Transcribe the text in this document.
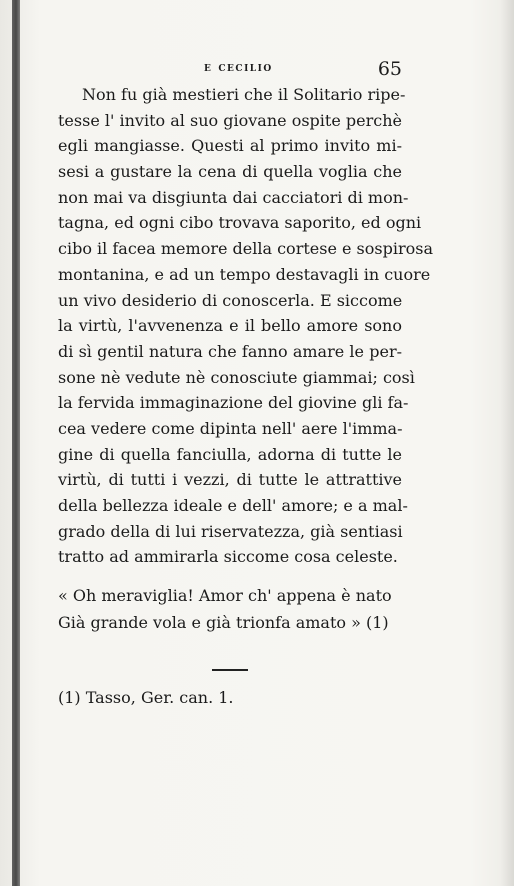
e cecilio	65
Non fu già mestieri che il Solitario ripe-
tesse l' invito al suo giovane ospite perchè
egli mangiasse. Questi al primo invito mi-
sesi a gustare la cena di quella voglia che
non mai va disgiunta dai cacciatori di mon-
tagna, ed ogni cibo trovava saporito, ed ogni
cibo il facea memore della cortese e sospirosa
montanina, e ad un tempo destavagli in cuore
un vivo desiderio di conoscerla. E siccome
la virtù, l'avvenenza e il bello amore sono
di sì gentil natura che fanno amare le per-
sone nè vedute nè conosciute giammai; così
la fervida immaginazione del giovine gli fa-
cea vedere come dipinta nell' aere l'imma-
gine di quella fanciulla, adorna di tutte le
virtù, di tutti i vezzi, di tutte le attrattive
della bellezza ideale e dell' amore; e a mal-
grado della di lui riservatezza, già sentiasi
tratto ad ammirarla siccome cosa celeste.
« Oh meraviglia! Amor ch' appena è nato
Già grande vola e già trionfa amato » (1)
(1) Tasso, Ger. can. 1.
